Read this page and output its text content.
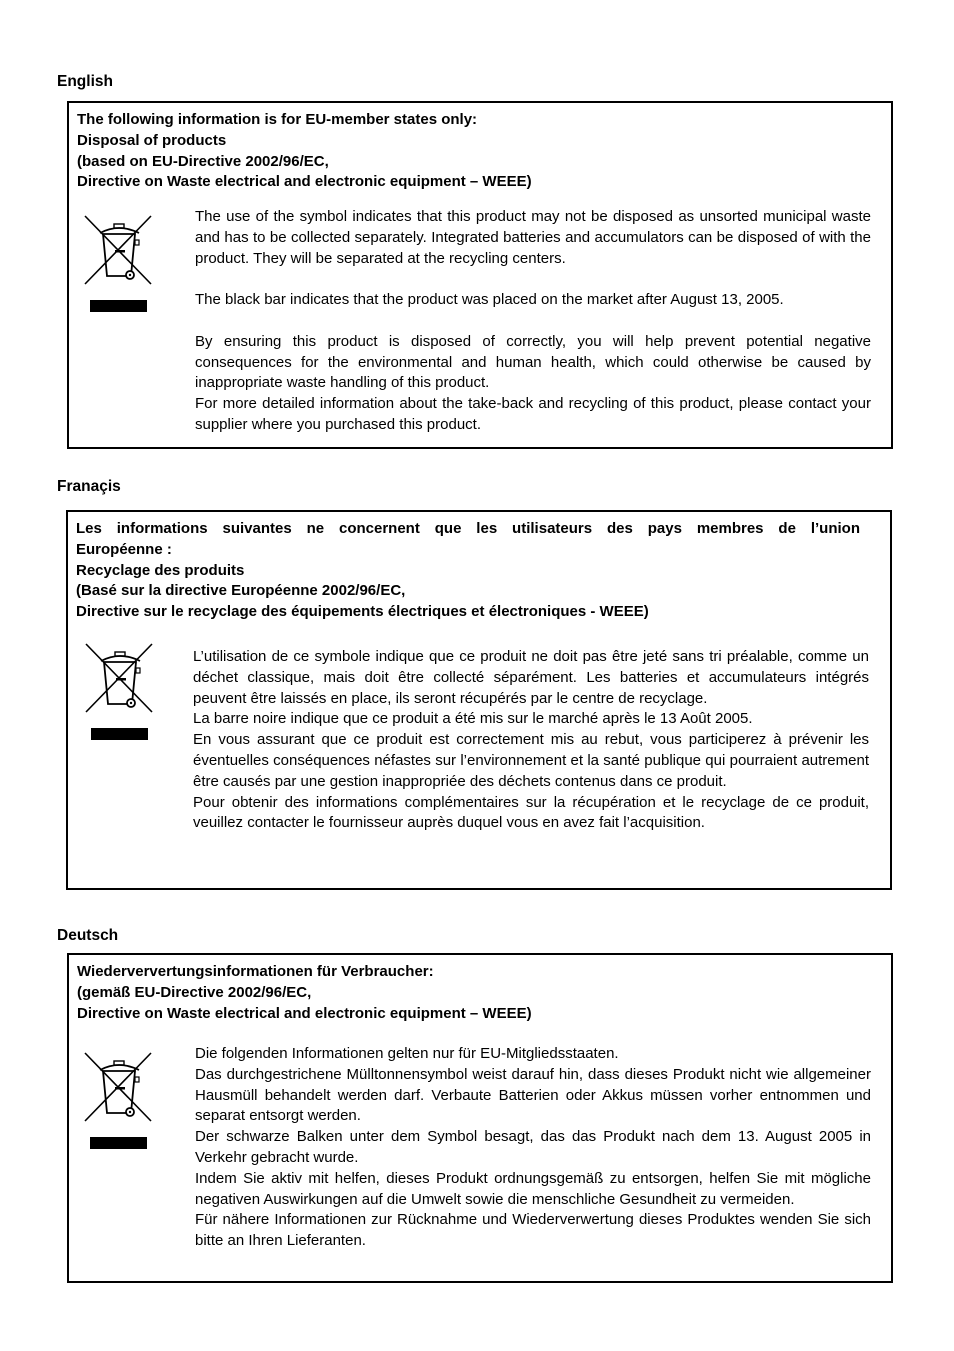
English
The following information is for EU-member states only:
Disposal of products
(based on EU-Directive 2002/96/EC,
Directive on Waste electrical and electronic equipment – WEEE)

The use of the symbol indicates that this product may not be disposed as unsorted municipal waste and has to be collected separately. Integrated batteries and accumulators can be disposed of with the product. They will be separated at the recycling centers.

The black bar indicates that the product was placed on the market after August 13, 2005.

By ensuring this product is disposed of correctly, you will help prevent potential negative consequences for the environmental and human health, which could otherwise be caused by inappropriate waste handling of this product.

For more detailed information about the take-back and recycling of this product, please contact your supplier where you purchased this product.

Franaçis
Les informations suivantes ne concernent que les utilisateurs des pays membres de l’union
Européenne :
Recyclage des produits
(Basé sur la directive Européenne 2002/96/EC,
Directive sur le recyclage des équipements électriques et électroniques - WEEE)

L’utilisation de ce symbole indique que ce produit ne doit pas être jeté sans tri préalable, comme un déchet classique, mais doit être collecté séparément. Les batteries et accumulateurs intégrés peuvent être laissés en place, ils seront récupérés par le centre de recyclage.

La barre noire indique que ce produit a été mis sur le marché après le 13 Août 2005.

En vous assurant que ce produit est correctement mis au rebut, vous participerez à prévenir les éventuelles conséquences néfastes sur l’environnement et la santé publique qui pourraient autrement être causés par une gestion inappropriée des déchets contenus dans ce produit.

Pour obtenir des informations complémentaires sur la récupération et le recyclage de ce produit, veuillez contacter le fournisseur auprès duquel vous en avez fait l’acquisition.

Deutsch
Wiederververtungsinformationen für Verbraucher:
(gemäß EU-Directive 2002/96/EC,
Directive on Waste electrical and electronic equipment – WEEE)

Die folgenden Informationen gelten nur für EU-Mitgliedsstaaten.

Das durchgestrichene Mülltonnensymbol weist darauf hin, dass dieses Produkt nicht wie allgemeiner Hausmüll behandelt werden darf. Verbaute Batterien oder Akkus müssen vorher entnommen und separat entsorgt werden.

Der schwarze Balken unter dem Symbol besagt, das das Produkt nach dem 13. August 2005 in Verkehr gebracht wurde.

Indem Sie aktiv mit helfen, dieses Produkt ordnungsgemäß zu entsorgen, helfen Sie mit mögliche negativen Auswirkungen auf die Umwelt sowie die menschliche Gesundheit zu vermeiden.

Für nähere Informationen zur Rücknahme und Wiederverwertung dieses Produktes wenden Sie sich bitte an Ihren Lieferanten.
